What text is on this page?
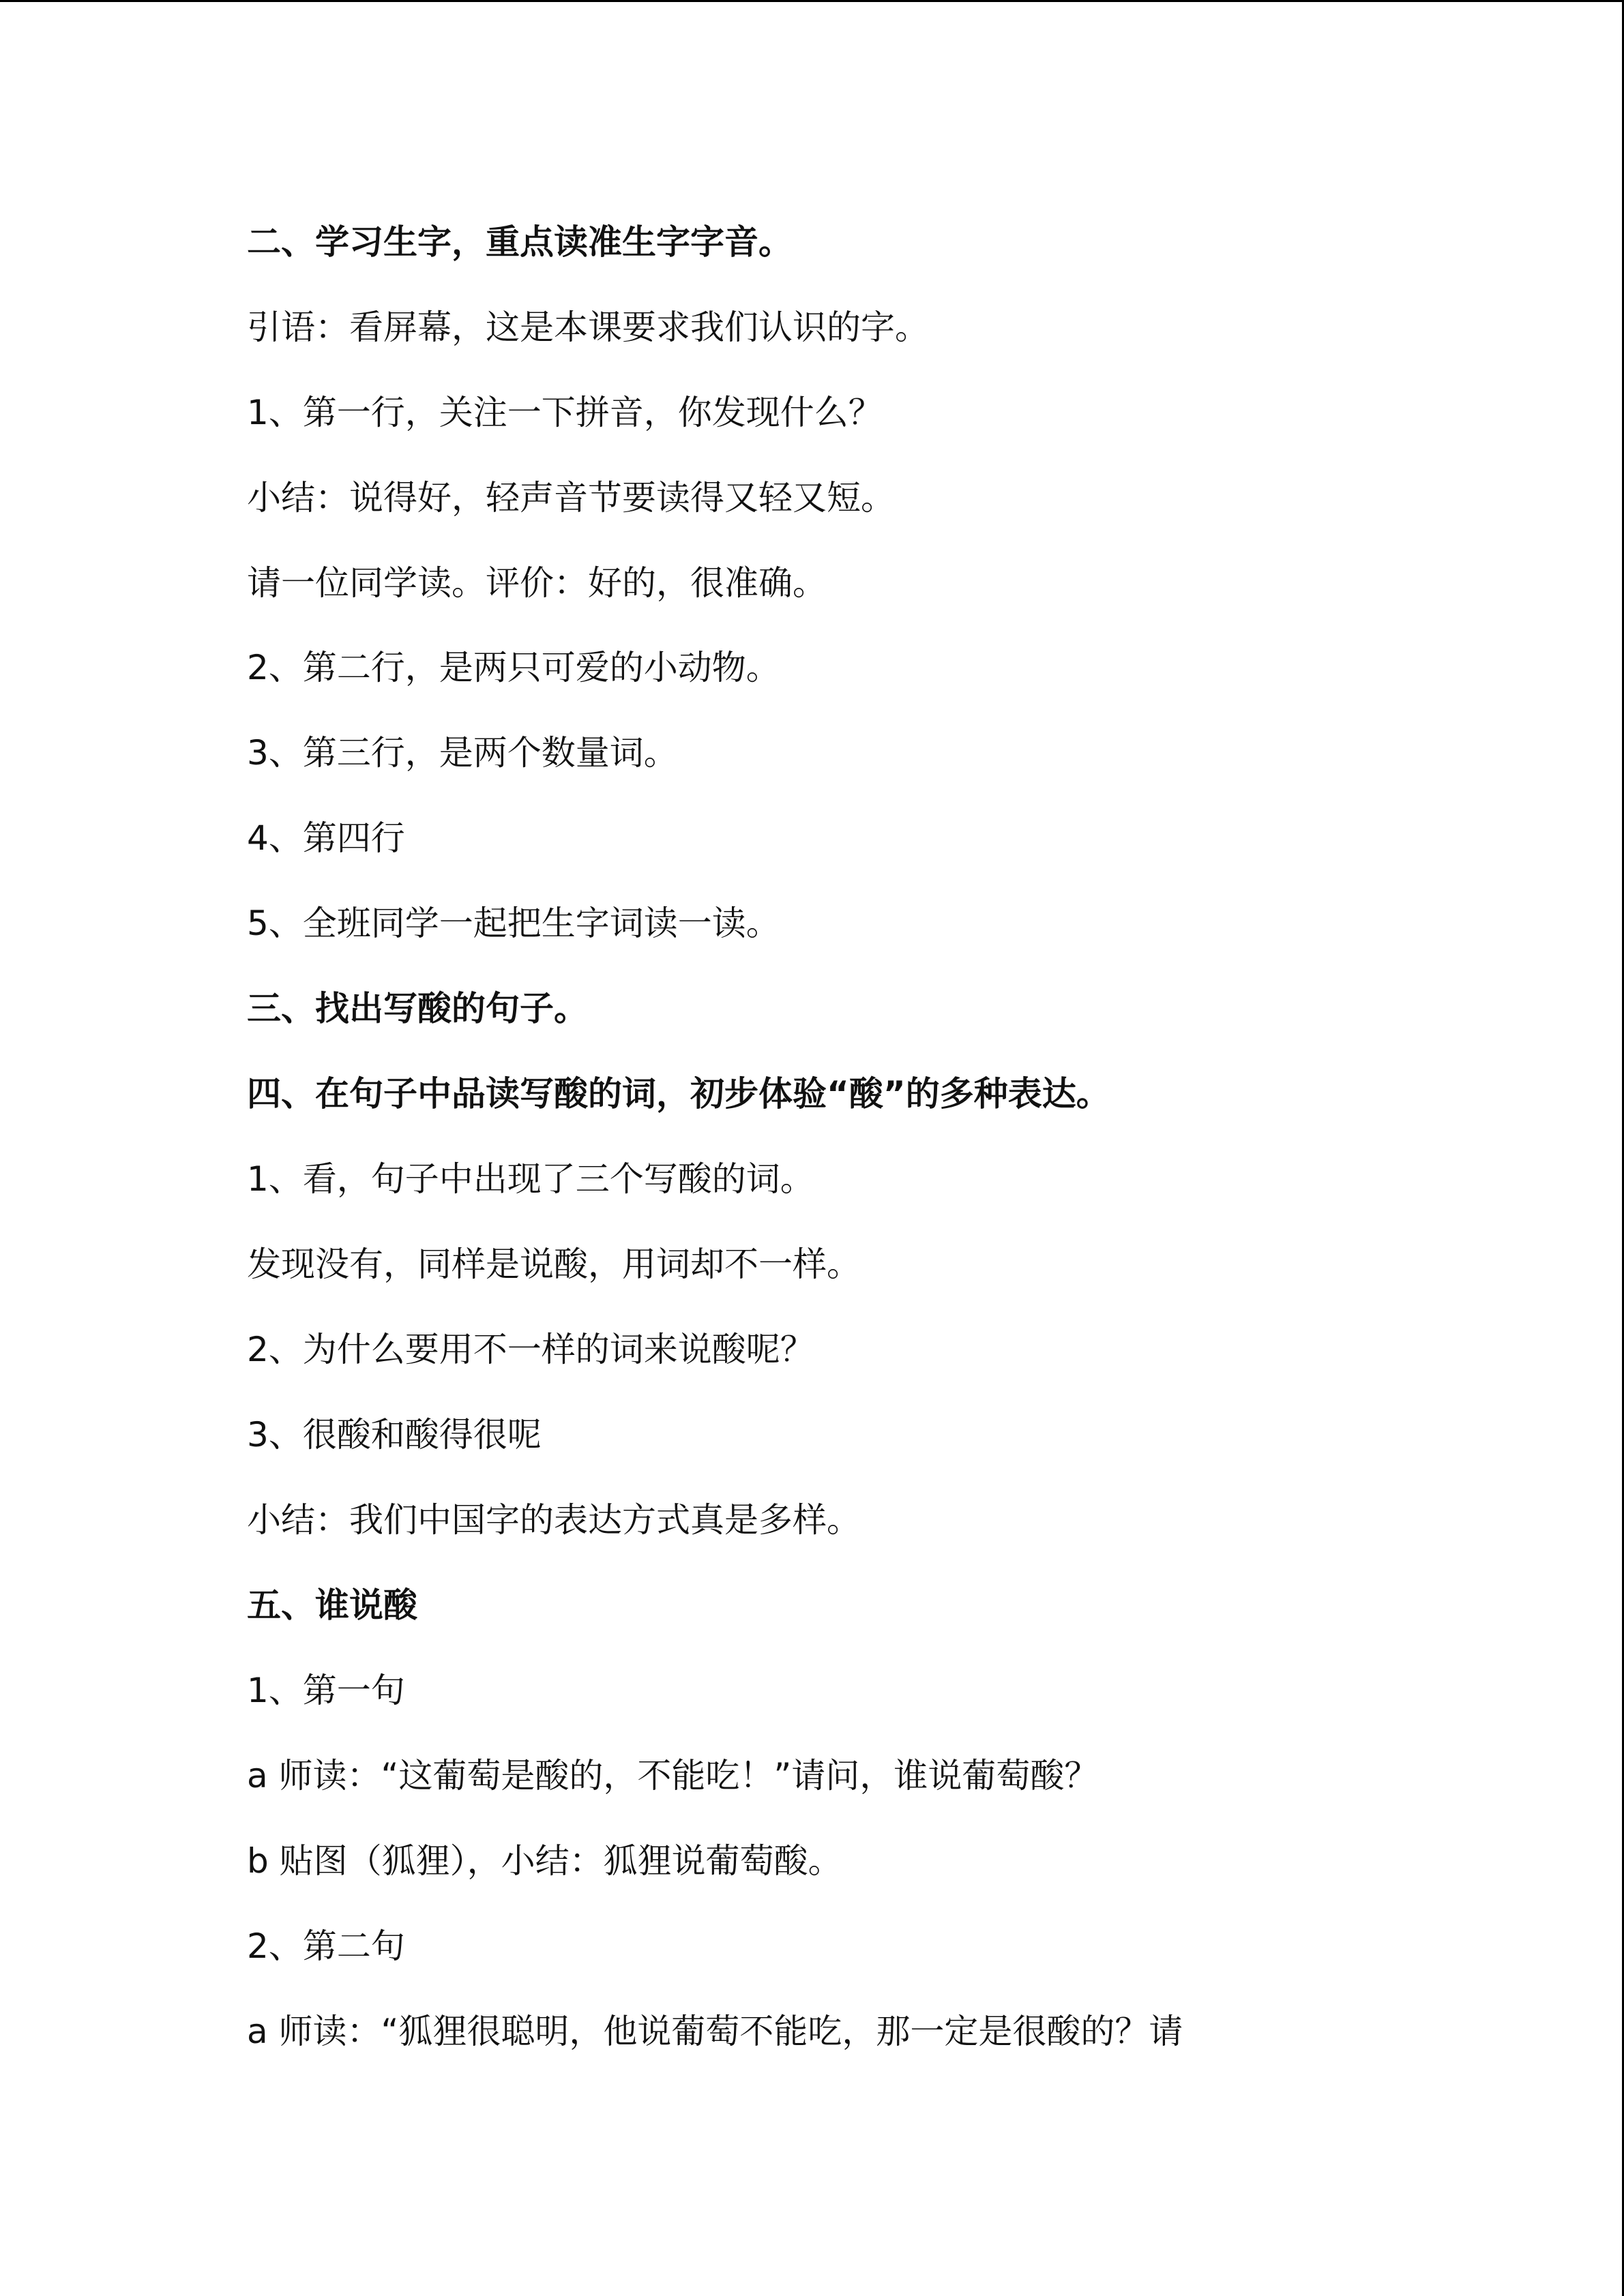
二、学习生字，重点读准生字字音。

引语：看屏幕，这是本课要求我们认识的字。

1、第一行，关注一下拼音，你发现什么？

小结：说得好，轻声音节要读得又轻又短。

请一位同学读。评价：好的，很准确。

2、第二行，是两只可爱的小动物。

3、第三行，是两个数量词。

4、第四行

5、全班同学一起把生字词读一读。

三、找出写酸的句子。

四、在句子中品读写酸的词，初步体验“酸”的多种表达。

1、看，句子中出现了三个写酸的词。

发现没有，同样是说酸，用词却不一样。

2、为什么要用不一样的词来说酸呢？

3、很酸和酸得很呢

小结：我们中国字的表达方式真是多样。

五、谁说酸

1、第一句

a 师读：“这葡萄是酸的，不能吃！”请问，谁说葡萄酸？

b 贴图（狐狸），小结：狐狸说葡萄酸。

2、第二句

a 师读：“狐狸很聪明，他说葡萄不能吃，那一定是很酸的？请
